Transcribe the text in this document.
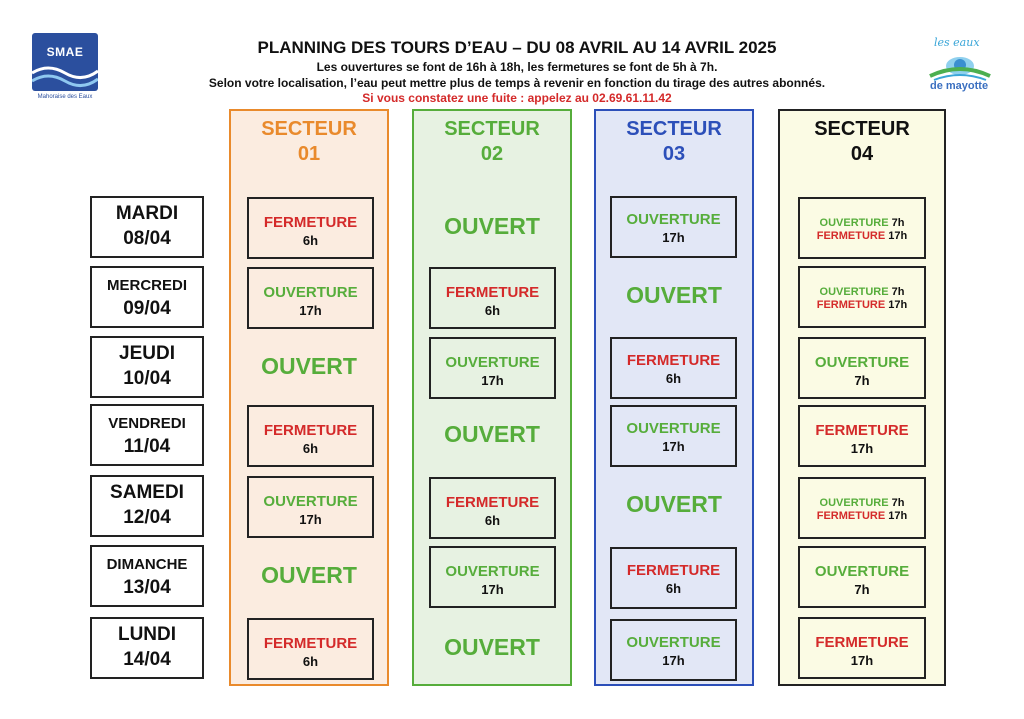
SMAE
Mahoraise des Eaux
PLANNING DES TOURS D’EAU – DU 08 AVRIL AU 14 AVRIL 2025
Les ouvertures se font de 16h à 18h, les fermetures se font de 5h à 7h.
Selon votre localisation, l’eau peut mettre plus de temps à revenir en fonction du tirage des autres abonnés.
Si vous constatez une fuite : appelez au 02.69.61.11.42
les eaux
de mayotte
SECTEUR
01
SECTEUR
02
SECTEUR
03
SECTEUR
04
MARDI
08/04
MERCREDI
09/04
JEUDI
10/04
VENDREDI
11/04
SAMEDI
12/04
DIMANCHE
13/04
LUNDI
14/04
FERMETURE
6h
OUVERTURE
17h
OUVERT
FERMETURE
6h
OUVERTURE
17h
OUVERT
FERMETURE
6h
OUVERT
FERMETURE
6h
OUVERTURE
17h
OUVERT
FERMETURE
6h
OUVERTURE
17h
OUVERT
OUVERTURE
17h
OUVERT
FERMETURE
6h
OUVERTURE
17h
OUVERT
FERMETURE
6h
OUVERTURE
17h
OUVERTURE 7h
FERMETURE 17h
OUVERTURE 7h
FERMETURE 17h
OUVERTURE
7h
FERMETURE
17h
OUVERTURE 7h
FERMETURE 17h
OUVERTURE
7h
FERMETURE
17h
